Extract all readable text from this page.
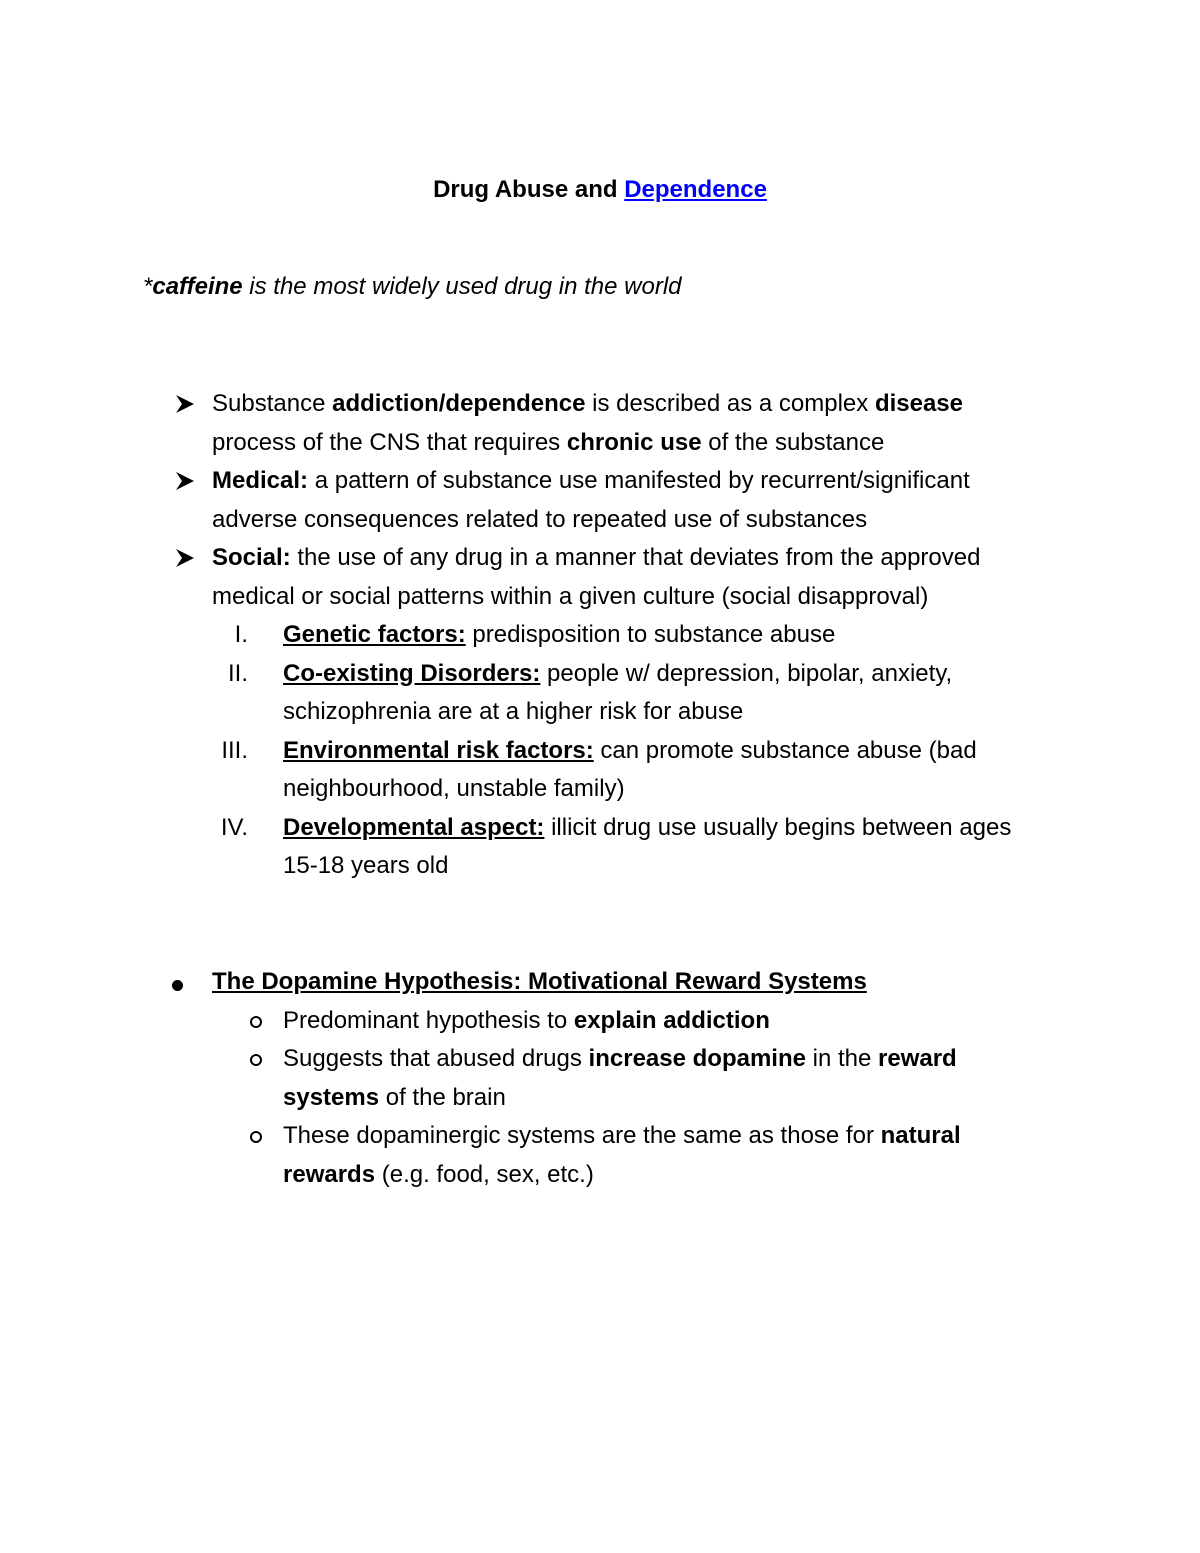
Drug Abuse and Dependence
*caffeine is the most widely used drug in the world
Substance addiction/dependence is described as a complex disease process of the CNS that requires chronic use of the substance
Medical: a pattern of substance use manifested by recurrent/significant adverse consequences related to repeated use of substances
Social: the use of any drug in a manner that deviates from the approved medical or social patterns within a given culture (social disapproval)
I. Genetic factors: predisposition to substance abuse
II. Co-existing Disorders: people w/ depression, bipolar, anxiety, schizophrenia are at a higher risk for abuse
III. Environmental risk factors: can promote substance abuse (bad neighbourhood, unstable family)
IV. Developmental aspect: illicit drug use usually begins between ages 15-18 years old
The Dopamine Hypothesis: Motivational Reward Systems
Predominant hypothesis to explain addiction
Suggests that abused drugs increase dopamine in the reward systems of the brain
These dopaminergic systems are the same as those for natural rewards (e.g. food, sex, etc.)
